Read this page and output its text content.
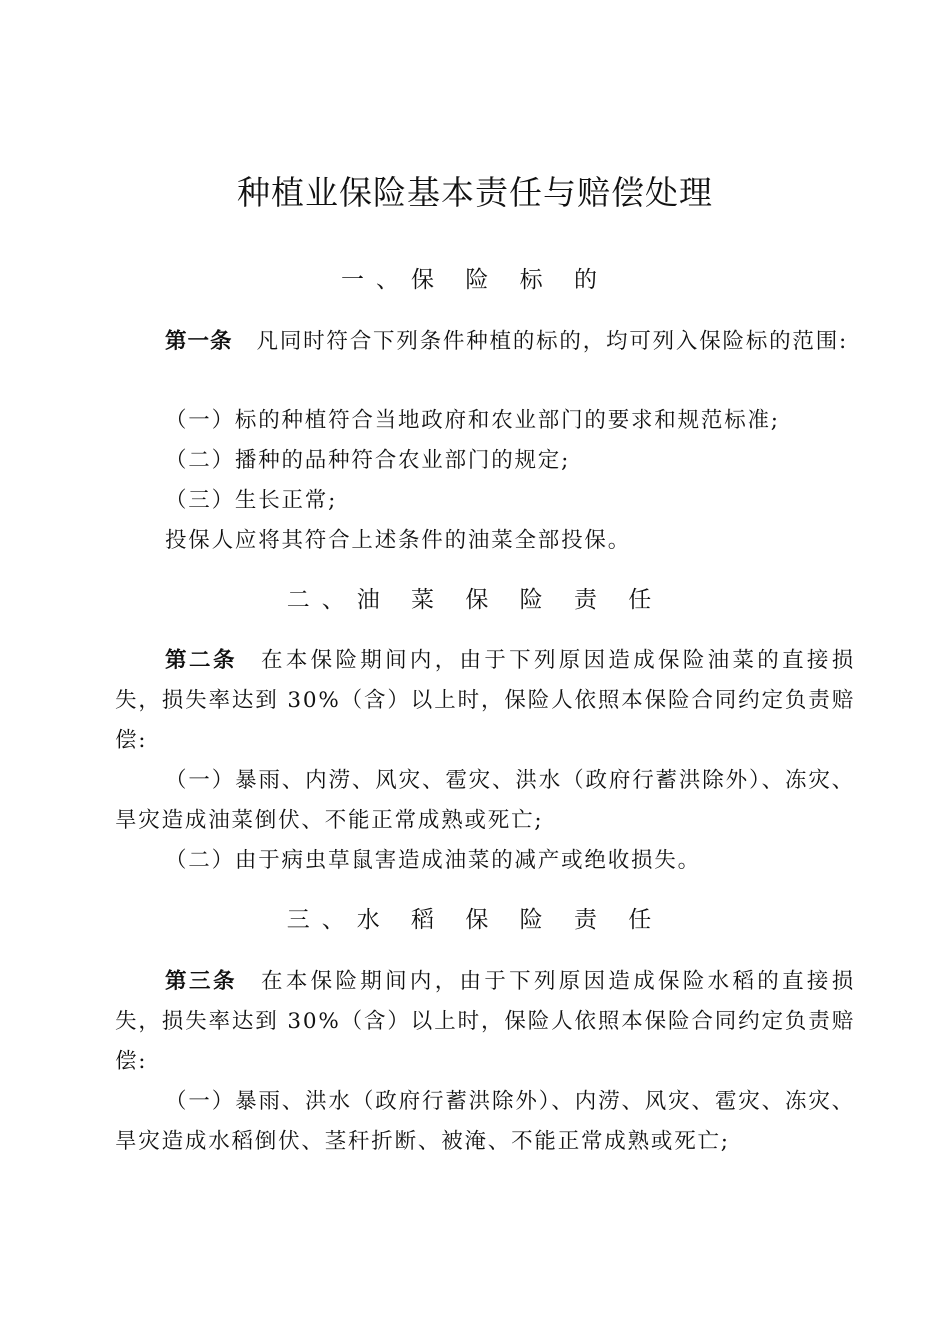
种植业保险基本责任与赔偿处理
一、保 险 标 的

第一条 凡同时符合下列条件种植的标的，均可列入保险标的范围:

（一）标的种植符合当地政府和农业部门的要求和规范标准;

（二）播种的品种符合农业部门的规定;

（三）生长正常;

投保人应将其符合上述条件的油菜全部投保。

二、油 菜 保 险 责 任

第二条 在本保险期间内，由于下列原因造成保险油菜的直接损失，损失率达到 30%（含）以上时，保险人依照本保险合同约定负责赔偿:

（一）暴雨、内涝、风灾、雹灾、洪水（政府行蓄洪除外）、冻灾、旱灾造成油菜倒伏、不能正常成熟或死亡;

（二）由于病虫草鼠害造成油菜的减产或绝收损失。

三、水 稻 保 险 责 任

第三条 在本保险期间内，由于下列原因造成保险水稻的直接损失，损失率达到 30%（含）以上时，保险人依照本保险合同约定负责赔偿:

（一）暴雨、洪水（政府行蓄洪除外）、内涝、风灾、雹灾、冻灾、旱灾造成水稻倒伏、茎秆折断、被淹、不能正常成熟或死亡;
